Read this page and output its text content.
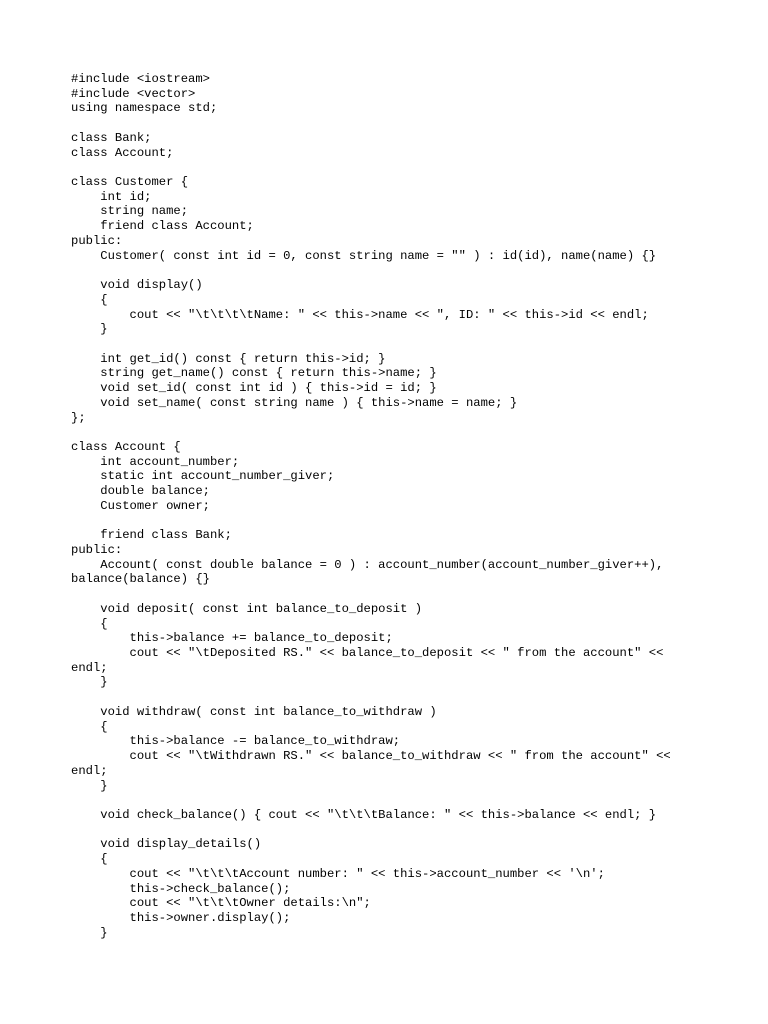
#include <iostream>
#include <vector>
using namespace std;
class Bank;
class Account;
class Customer {
int id;
string name;
friend class Account;
public:
Customer( const int id = 0, const string name = "" ) : id(id), name(name) {}
void display()
{
cout << "\t\t\t\tName: " << this->name << ", ID: " << this->id << endl;
}
int get_id() const { return this->id; }
string get_name() const { return this->name; }
void set_id( const int id ) { this->id = id; }
void set_name( const string name ) { this->name = name; }
};
class Account {
int account_number;
static int account_number_giver;
double balance;
Customer owner;
friend class Bank;
public:
Account( const double balance = 0 ) : account_number(account_number_giver++),
balance(balance) {}
void deposit( const int balance_to_deposit )
{
this->balance += balance_to_deposit;
cout << "\tDeposited RS." << balance_to_deposit << " from the account" <<
endl;
}
void withdraw( const int balance_to_withdraw )
{
this->balance -= balance_to_withdraw;
cout << "\tWithdrawn RS." << balance_to_withdraw << " from the account" <<
endl;
}
void check_balance() { cout << "\t\t\tBalance: " << this->balance << endl; }
void display_details()
{
cout << "\t\t\tAccount number: " << this->account_number << '\n';
this->check_balance();
cout << "\t\t\tOwner details:\n";
this->owner.display();
}
